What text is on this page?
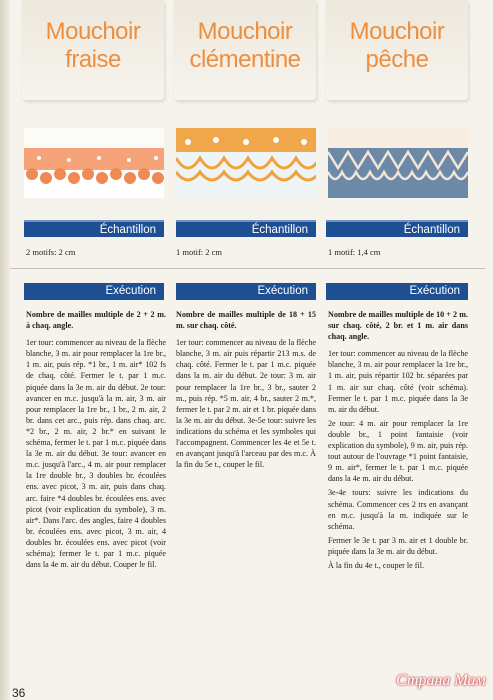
Mouchoir
fraise
Mouchoir
clémentine
Mouchoir
pêche
Échantillon	Échantillon	Échantillon
2 motifs: 2 cm	1 motif: 2 cm	1 motif: 1,4 cm
Exécution	Exécution	Exécution

Nombre de mailles multiple de 2 + 2 m. à chaq. angle.

1er tour: commencer au niveau de la flèche blanche, 3 m. air pour remplacer la 1re br., 1 m. air, puis rép. *1 br., 1 m. air* 102 fs de chaq. côté. Fermer le t. par 1 m.c. piquée dans la 3e m. air du début. 2e tour: avancer en m.c. jusqu'à la m. air, 3 m. air pour remplacer la 1re br., 1 br., 2 m. air, 2 br. dans cet arc., puis rép. dans chaq. arc. *2 br., 2 m. air, 2 br.* en suivant le schéma, fermer le t. par 1 m.c. piquée dans la 3e m. air du début. 3e tour: avancer en m.c. jusqu'à l'arc., 4 m. air pour remplacer la 1re double br., 3 doubles br. écoulées ens. avec picot, 3 m. air, puis dans chaq. arc. faire *4 doubles br. écoulées ens. avec picot (voir explication du symbole), 3 m. air*. Dans l'arc. des angles, faire 4 doubles br. écoulées ens. avec picot, 3 m. air, 4 doubles br. écoulées ens. avec picot (voir schéma); fermer le t. par 1 m.c. piquée dans la 4e m. air du début. Couper le fil.

Nombre de mailles multiple de 18 + 15 m. sur chaq. côté.

1er tour: commencer au niveau de la flèche blanche, 3 m. air puis répartir 213 m.s. de chaq. côté. Fermer le t. par 1 m.c. piquée dans la m. air du début. 2e tour: 3 m. air pour remplacer la 1re br., 3 br., sauter 2 m., puis rép. *5 m. air, 4 br., sauter 2 m.*, fermer le t. par 2 m. air et 1 br. piquée dans la 3e m. air du début. 3e-5e tour: suivre les indications du schéma et les symboles qui l'accompagnent. Commencer les 4e et 5e t. en avançant jusqu'à l'arceau par des m.c. À la fin du 5e t., couper le fil.

Nombre de mailles multiple de 10 + 2 m. sur chaq. côté, 2 br. et 1 m. air dans chaq. angle.

1er tour: commencer au niveau de la flèche blanche, 3 m. air pour remplacer la 1re br., 1 m. air, puis répartir 102 br. séparées par 1 m. air sur chaq. côté (voir schéma). Fermer le t. par 1 m.c. piquée dans la 3e m. air du début.

2e tour: 4 m. air pour remplacer la 1re double br., 1 point fantaisie (voir explication du symbole), 9 m. air, puis rép. tout autour de l'ouvrage *1 point fantaisie, 9 m. air*, fermer le t. par 1 m.c. piquée dans la 4e m. air du début.

3e-4e tours: suivre les indications du schéma. Commencer ces 2 trs en avançant en m.c. jusqu'à la m. indiquée sur le schéma.

Fermer le 3e t. par 3 m. air et 1 double br. piquée dans la 3e m. air du début.

À la fin du 4e t., couper le fil.

36
Страна Мам
